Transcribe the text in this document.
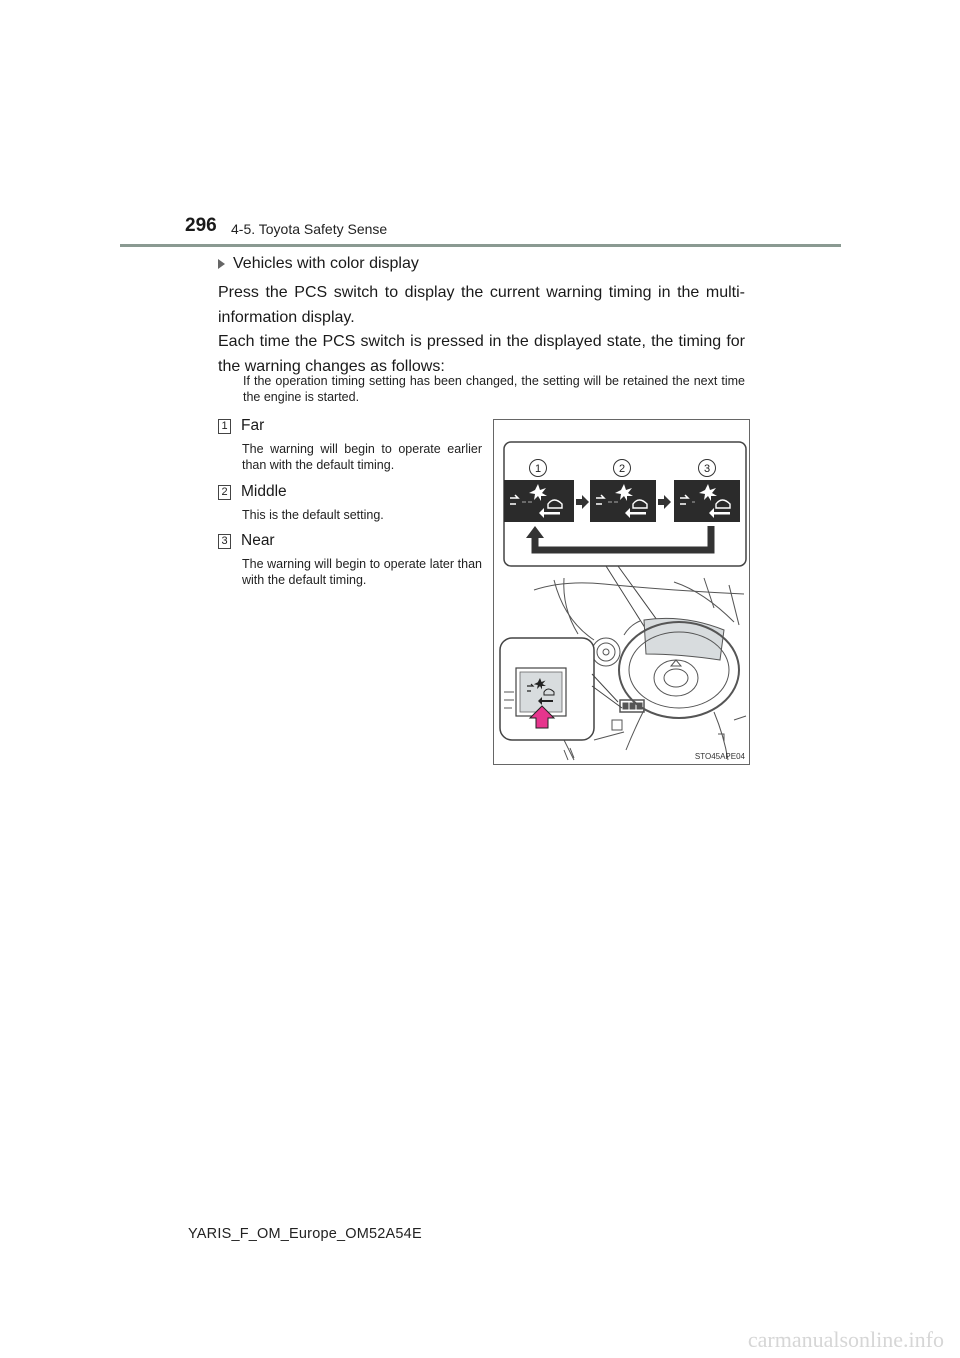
296 4-5. Toyota Safety Sense
Vehicles with color display

Press the PCS switch to display the current warning timing in the multi-information display.
Each time the PCS switch is pressed in the displayed state, the timing for the warning changes as follows:

If the operation timing setting has been changed, the setting will be retained the next time the engine is started.

1 Far
The warning will begin to operate earlier than with the default timing.
2 Middle
This is the default setting.
3 Near
The warning will begin to operate later than with the default timing.
1	2	3
STO45APE04
YARIS_F_OM_Europe_OM52A54E
carmanualsonline.info
